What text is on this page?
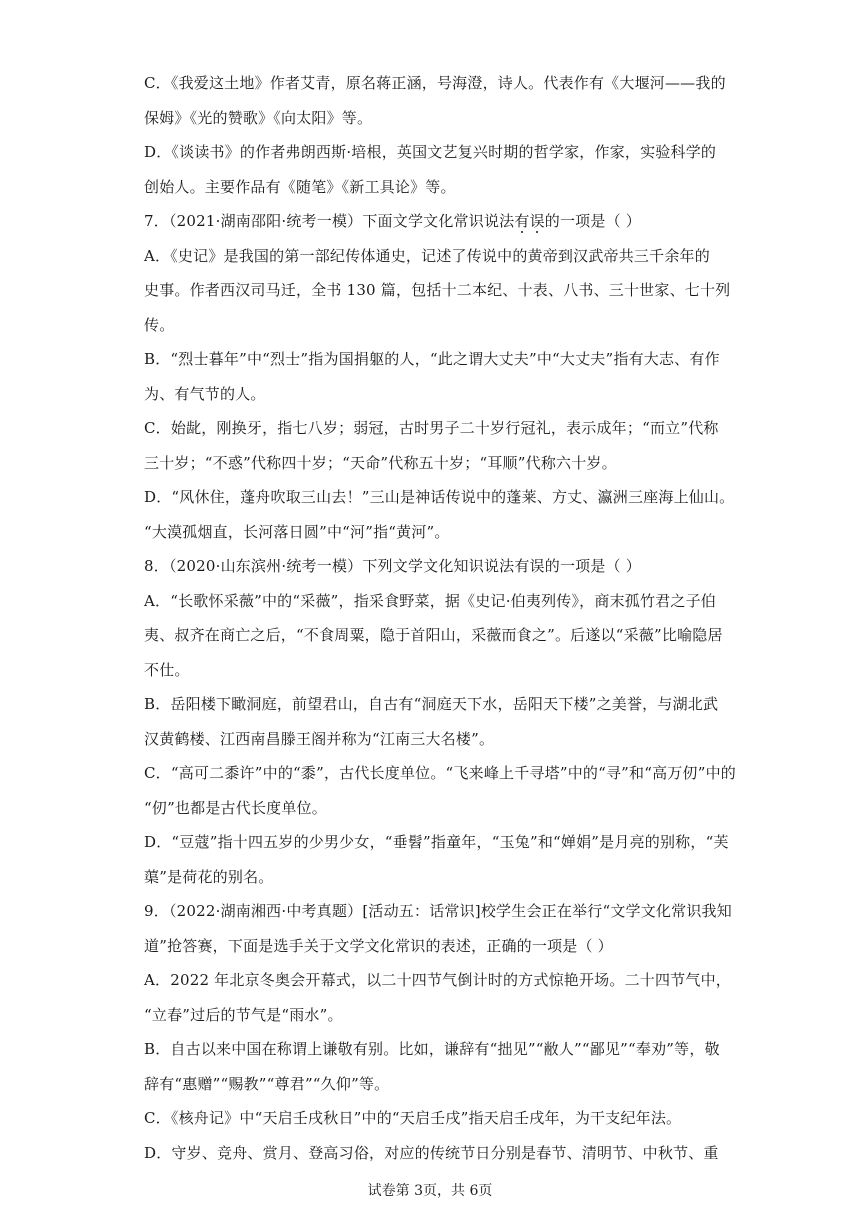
C．《我爱这土地》作者艾青，原名蒋正涵，号海澄，诗人。代表作有《大堰河——我的
保姆》《光的赞歌》《向太阳》等。
D．《谈读书》的作者弗朗西斯·培根，英国文艺复兴时期的哲学家，作家，实验科学的
创始人。主要作品有《随笔》《新工具论》等。
7．（2021·湖南邵阳·统考一模）下面文学文化常识说法有误的一项是（ ）
A．《史记》是我国的第一部纪传体通史，记述了传说中的黄帝到汉武帝共三千余年的
史事。作者西汉司马迁，全书 130 篇，包括十二本纪、十表、八书、三十世家、七十列
传。
B．“烈士暮年”中“烈士”指为国捐躯的人，“此之谓大丈夫”中“大丈夫”指有大志、有作
为、有气节的人。
C．始龀，刚换牙，指七八岁；弱冠，古时男子二十岁行冠礼，表示成年；“而立”代称
三十岁；“不惑”代称四十岁；“天命”代称五十岁；“耳顺”代称六十岁。
D．“风休住，蓬舟吹取三山去！”三山是神话传说中的蓬莱、方丈、瀛洲三座海上仙山。
“大漠孤烟直，长河落日圆”中“河”指“黄河”。
8．（2020·山东滨州·统考一模）下列文学文化知识说法有误的一项是（ ）
A．“长歌怀采薇”中的“采薇”，指采食野菜，据《史记·伯夷列传》，商末孤竹君之子伯
夷、叔齐在商亡之后，“不食周粟，隐于首阳山，采薇而食之”。后遂以“采薇”比喻隐居
不仕。
B．岳阳楼下瞰洞庭，前望君山，自古有“洞庭天下水，岳阳天下楼”之美誉，与湖北武
汉黄鹤楼、江西南昌滕王阁并称为“江南三大名楼”。
C．“高可二黍许”中的“黍”，古代长度单位。“飞来峰上千寻塔”中的“寻”和“高万仞”中的
“仞”也都是古代长度单位。
D．“豆蔻”指十四五岁的少男少女，“垂髫”指童年，“玉兔”和“婵娟”是月亮的别称，“芙
蕖”是荷花的别名。
9．（2022·湖南湘西·中考真题）[活动五：话常识]校学生会正在举行“文学文化常识我知
道”抢答赛，下面是选手关于文学文化常识的表述，正确的一项是（ ）
A．2022 年北京冬奥会开幕式，以二十四节气倒计时的方式惊艳开场。二十四节气中，
“立春”过后的节气是“雨水”。
B．自古以来中国在称谓上谦敬有别。比如，谦辞有“拙见”“敝人”“鄙见”“奉劝”等，敬
辞有“惠赠”“赐教”“尊君”“久仰”等。
C．《核舟记》中“天启壬戌秋日”中的“天启壬戌”指天启壬戌年，为干支纪年法。
D．守岁、竞舟、赏月、登高习俗，对应的传统节日分别是春节、清明节、中秋节、重
试卷第 3页，共 6页
